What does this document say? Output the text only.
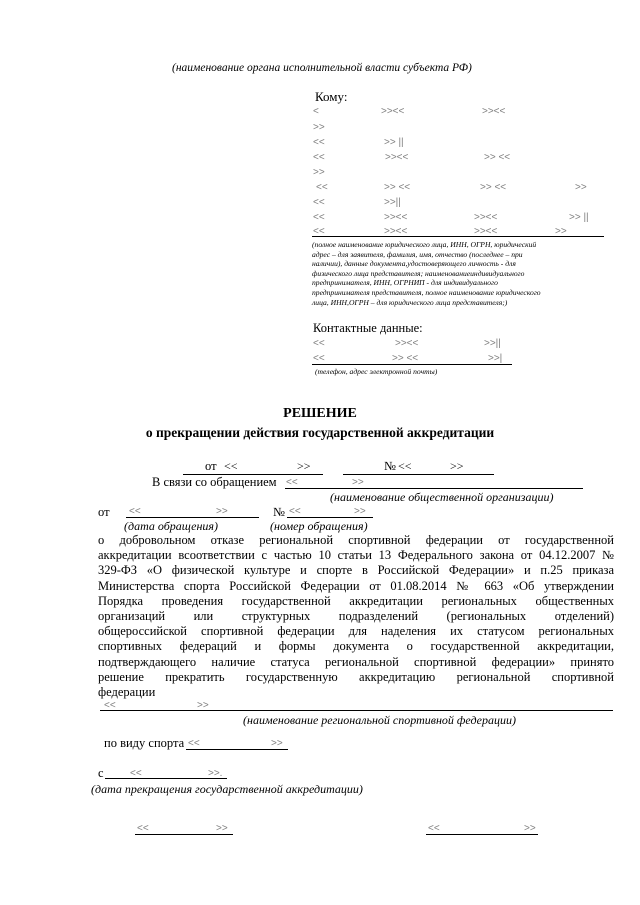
(наименование органа исполнительной власти субъекта РФ)
Кому:
<	>><<	>><<
>>
<<	>> ||
<<	>><<	>> <<
>>
<<	>> <<	>> <<	>>
<<	>>||
<<	>><<	>><<	>> ||
<<	>><<	>><<	>>
(полное наименование юридического лица, ИНН, ОГРН, юридический
адрес – для заявителя, фамилия, имя, отчество (последнее – при
наличии), данные документа,удостоверяющего личность - для
физического лица представителя; наименованиеиндивидуального
предпринимателя, ИНН, ОГРНИП - для индивидуального
предпринимателя представителя, полное наименование юридического
лица, ИНН,ОГРН – для юридического лица представителя;)
Контактные данные:
<<	>><<	>>||
<<	>> <<	>>|
(телефон, адрес электронной почты)
РЕШЕНИЕ
о прекращении действия государственной аккредитации
от <<	>>	№ <<	>>
В связи со обращением <<	>>
(наименование общественной организации)
от <<	>>	№ <<	>>
(дата обращения)	(номер обращения)
о добровольном отказе региональной спортивной федерации от государственной
аккредитации всоответствии с частью 10 статьи 13 Федерального закона от 04.12.2007 №
329-ФЗ «О физической культуре и спорте в Российской Федерации» и п.25 приказа
Министерства спорта Российской Федерации от 01.08.2014 № 663 «Об утверждении
Порядка проведения государственной аккредитации региональных общественных
организаций или структурных подразделений (региональных отделений)
общероссийской спортивной федерации для наделения их статусом региональных
спортивных федераций и формы документа о государственной аккредитации,
подтверждающего наличие статуса региональной спортивной федерации» принято
решение прекратить государственную аккредитацию региональной спортивной
федерации
<<	>>
(наименование региональной спортивной федерации)
по виду спорта <<	>>
с	<<	>>.
(дата прекращения государственной аккредитации)
<<	>>	<<	>>
